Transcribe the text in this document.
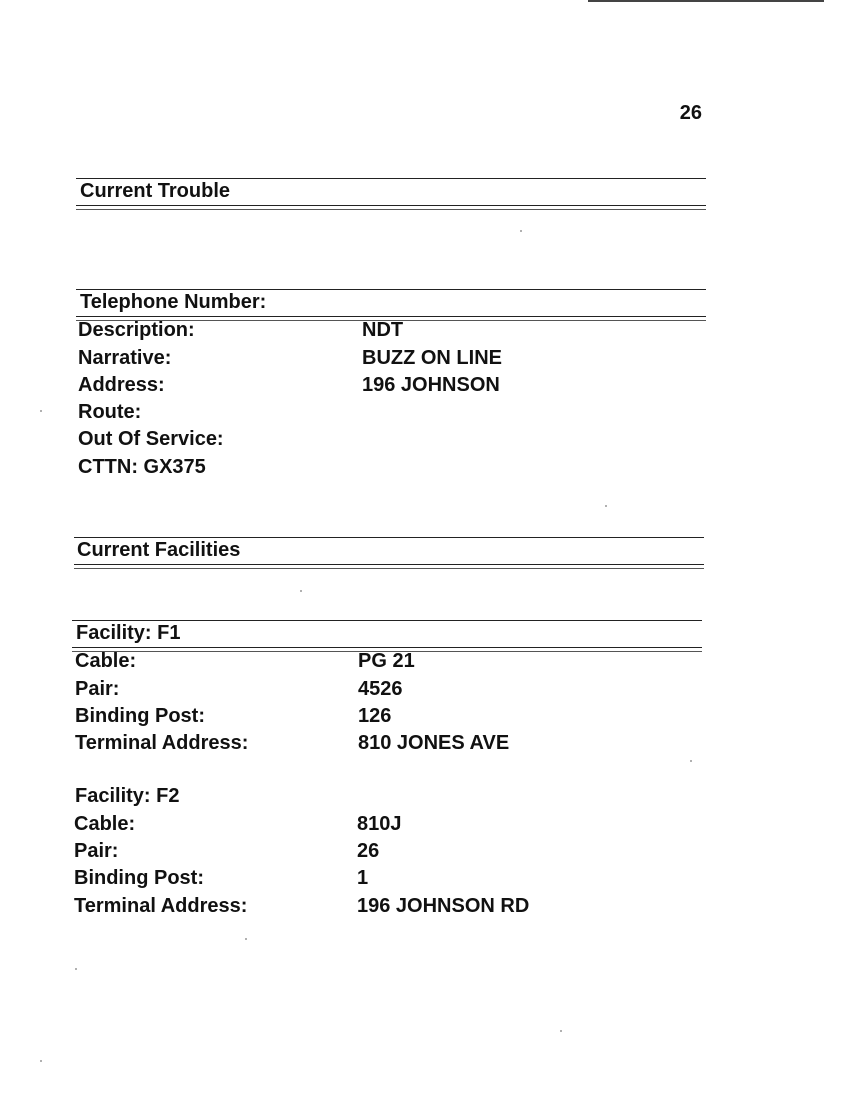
26
Current Trouble
Telephone Number:
Description:	NDT
Narrative:	BUZZ ON LINE
Address:	196 JOHNSON
Route:
Out Of Service:
CTTN: GX375
Current Facilities
Facility: F1
Cable:	PG 21
Pair:	4526
Binding Post:	126
Terminal Address:	810 JONES AVE
Facility: F2
Cable:	810J
Pair:	26
Binding Post:	1
Terminal Address:	196 JOHNSON RD
